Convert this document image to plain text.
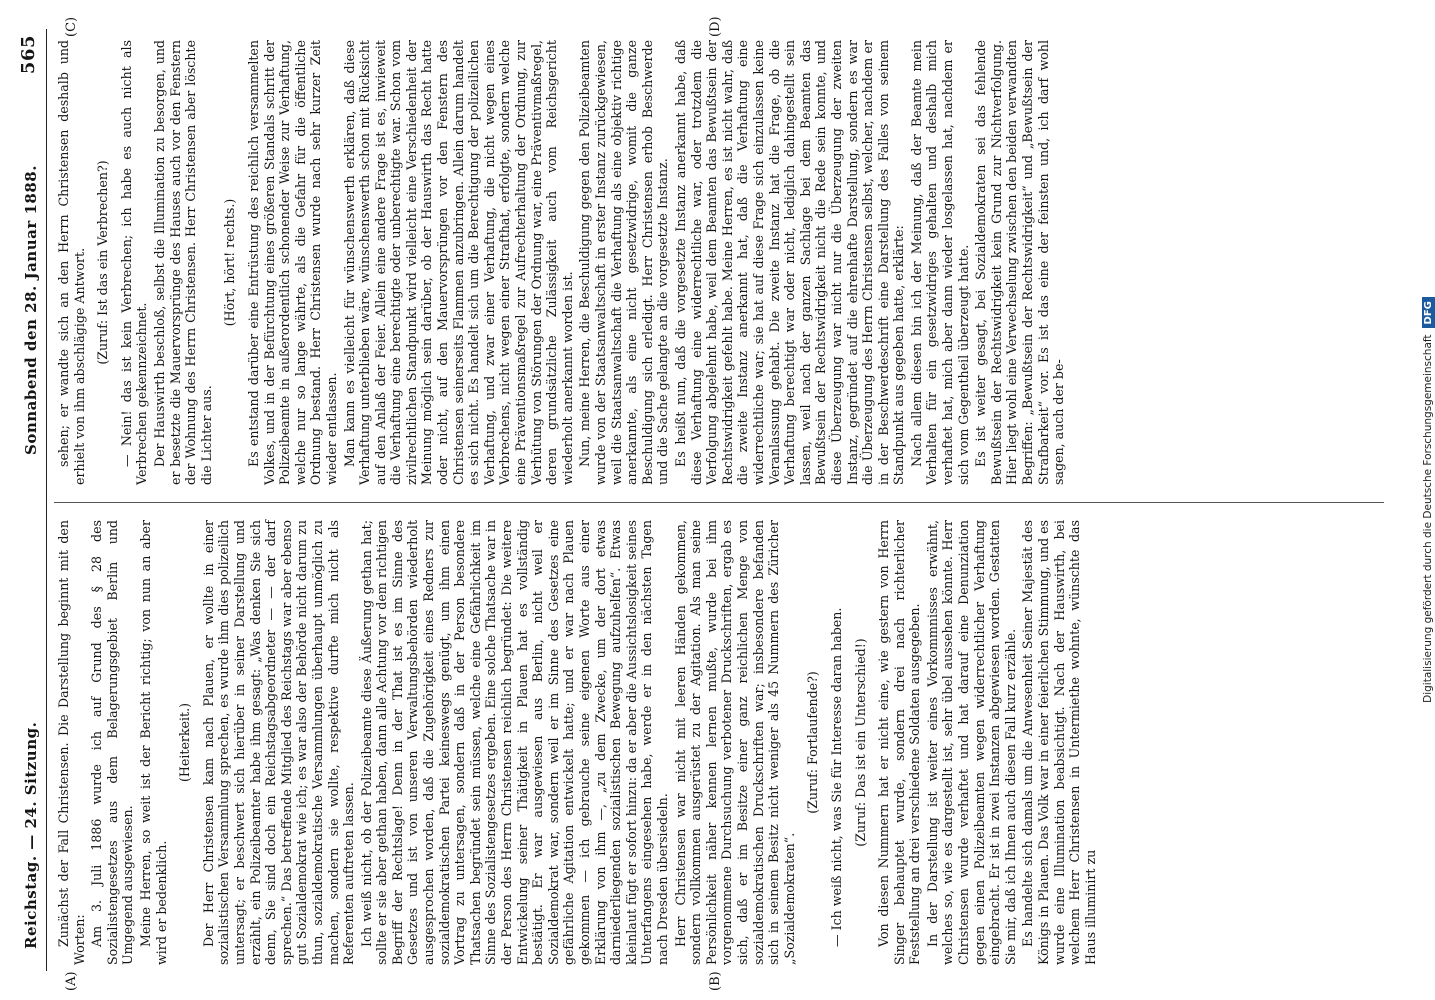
Reichstag. — 24. Sitzung.
Sonnabend den 28. Januar 1888.
565
(A)	(B)
(C)	(D)

Zunächst der Fall Christensen. Die Darstellung beginnt mit den Worten: Am 3. Juli 1886 wurde ich auf Grund des § 28 des Sozialistengesetzes aus dem Belagerungsgebiet Berlin und Umgegend ausgewiesen. Meine Herren, so weit ist der Bericht richtig; von nun an aber wird er bedenklich.

(Heiterkeit.) Der Herr Christensen kam nach Plauen, er wollte in einer sozialistischen Versammlung sprechen, es wurde ihm dies polizeilich untersagt; er beschwert sich hierüber in seiner Darstellung und erzählt, ein Polizeibeamter habe ihm gesagt: „Was denken Sie sich denn, Sie sind doch ein Reichstagsabgeordneter — — der darf sprechen.“ Das betreffende Mitglied des Reichstags war aber ebenso gut Sozialdemokrat wie ich; es war also der Behörde nicht darum zu thun, sozialdemokratische Versammlungen überhaupt unmöglich zu machen, sondern sie wollte, respektive durfte mich nicht als Referenten auftreten lassen. Ich weiß nicht, ob der Polizeibeamte diese Äußerung gethan hat; sollte er sie aber gethan haben, dann alle Achtung vor dem richtigen Begriff der Rechtslage! Denn in der That ist es im Sinne des Gesetzes und ist von unseren Verwaltungsbehörden wiederholt ausgesprochen worden, daß die Zugehörigkeit eines Redners zur sozialdemokratischen Partei keineswegs genügt, um ihm einen Vortrag zu untersagen, sondern daß in der Person besondere Thatsachen begründet sein müssen, welche eine Gefährlichkeit im Sinne des Sozialistengesetzes ergeben. Eine solche Thatsache war in der Person des Herrn Christensen reichlich begründet: Die weitere Entwickelung seiner Thätigkeit in Plauen hat es vollständig bestätigt. Er war ausgewiesen aus Berlin, nicht weil er Sozialdemokrat war, sondern weil er im Sinne des Gesetzes eine gefährliche Agitation entwickelt hatte; und er war nach Plauen gekommen — ich gebrauche seine eigenen Worte aus einer Erklärung von ihm —, „zu dem Zwecke, um der dort etwas darniederliegenden sozialistischen Bewegung aufzuhelfen“. Etwas kleinlaut fügt er sofort hinzu: da er aber die Aussichtslosigkeit seines Unterfangens eingesehen habe, werde er in den nächsten Tagen nach Dresden übersiedeln. Herr Christensen war nicht mit leeren Händen gekommen, sondern vollkommen ausgerüstet zu der Agitation. Als man seine Persönlichkeit näher kennen lernen mußte, wurde bei ihm vorgenommene Durchsuchung verbotener Druckschriften, ergab es sich, daß er im Besitze einer ganz reichlichen Menge von sozialdemokratischen Druckschriften war; insbesondere befanden sich in seinem Besitz nicht weniger als 45 Nummern des Züricher „Sozialdemokraten“.

(Zuruf: Fortlaufende?) — Ich weiß nicht, was Sie für Interesse daran haben. (Zuruf: Das ist ein Unterschied!) Von diesen Nummern hat er nicht eine, wie gestern von Herrn Singer behauptet wurde, sondern drei nach richterlicher Feststellung an drei verschiedene Soldaten ausgegeben. In der Darstellung ist weiter eines Vorkommnisses erwähnt, welches so, wie es dargestellt ist, sehr übel aussehen könnte. Herr Christensen wurde verhaftet und hat darauf eine Denunziation gegen einen Polizeibeamten wegen widerrechtlicher Verhaftung eingebracht. Er ist in zwei Instanzen abgewiesen worden. Gestatten Sie mir, daß ich Ihnen auch diesen Fall kurz erzähle. Es handelte sich damals um die Anwesenheit Seiner Majestät des Königs in Plauen. Das Volk war in einer feierlichen Stimmung, und es wurde eine Illumination beabsichtigt. Nach der Hauswirth, bei welchem Herr Christensen in Untermiethe wohnte, wünschte das Haus illuminirt zu

sehen; er wandte sich an den Herrn Christensen deshalb und erhielt von ihm abschlägige Antwort. (Zuruf: Ist das ein Verbrechen?) — Nein! das ist kein Verbrechen; ich habe es auch nicht als Verbrechen gekennzeichnet. Der Hauswirth beschloß, selbst die Illumination zu besorgen, und er besetzte die Mauervorsprünge des Hauses auch vor den Fenstern der Wohnung des Herrn Christensen. Herr Christensen aber löschte die Lichter aus.

(Hört, hört! rechts.) Es entstand darüber eine Entrüstung des reichlich versammelten Volkes, und in der Befürchtung eines größeren Standals schritt der Polizeibeamte in außerordentlich schonender Weise zur Verhaftung, welche nur so lange währte, als die Gefahr für die öffentliche Ordnung bestand. Herr Christensen wurde nach sehr kurzer Zeit wieder entlassen. Man kann es vielleicht für wünschenswerth erklären, daß diese Verhaftung unterblieben wäre, wünschenswerth schon mit Rücksicht auf den Anlaß der Feier. Allein eine andere Frage ist es, inwieweit die Verhaftung eine berechtigte oder unberechtigte war. Schon vom zivilrechtlichen Standpunkt wird vielleicht eine Verschiedenheit der Meinung möglich sein darüber, ob der Hauswirth das Recht hatte oder nicht, auf den Mauervorsprüngen vor den Fenstern des Christensen seinerseits Flammen anzubringen. Allein darum handelt es sich nicht. Es handelt sich um die Berechtigung der polizeilichen Verhaftung, und zwar einer Verhaftung, die nicht wegen eines Verbrechens, nicht wegen einer Strafthat, erfolgte, sondern welche eine Präventionsmaßregel zur Aufrechterhaltung der Ordnung, zur Verhütung von Störungen der Ordnung war, eine Präventivmaßregel, deren grundsätzliche Zulässigkeit auch vom Reichsgericht wiederholt anerkannt worden ist. Nun, meine Herren, die Beschuldigung gegen den Polizeibeamten wurde von der Staatsanwaltschaft in erster Instanz zurückgewiesen, weil die Staatsanwaltschaft die Verhaftung als eine objektiv richtige anerkannte, als eine nicht gesetzwidrige, womit die ganze Beschuldigung sich erledigt. Herr Christensen erhob Beschwerde und die Sache gelangte an die vorgesetzte Instanz. Es heißt nun, daß die vorgesetzte Instanz anerkannt habe, daß diese Verhaftung eine widerrechtliche war, oder trotzdem die Verfolgung abgelehnt habe, weil dem Beamten das Bewußtsein der Rechtswidrigkeit gefehlt habe. Meine Herren, es ist nicht wahr, daß die zweite Instanz anerkannt hat, daß die Verhaftung eine widerrechtliche war; sie hat auf diese Frage sich einzulassen keine Veranlassung gehabt. Die zweite Instanz hat die Frage, ob die Verhaftung berechtigt war oder nicht, lediglich dahingestellt sein lassen, weil nach der ganzen Sachlage bei dem Beamten das Bewußtsein der Rechtswidrigkeit nicht die Rede sein konnte, und diese Überzeugung war nicht nur die Überzeugung der zweiten Instanz, gegründet auf die ehrenhafte Darstellung, sondern es war die Überzeugung des Herrn Christensen selbst, welcher, nachdem er in der Beschwerdeschrift eine Darstellung des Falles von seinem Standpunkt aus gegeben hatte, erklärte: Nach allem diesen bin ich der Meinung, daß der Beamte mein Verhalten für ein gesetzwidriges gehalten und deshalb mich verhaftet hat, mich aber dann wieder losgelassen hat, nachdem er sich vom Gegentheil überzeugt hatte. Es ist weiter gesagt, bei Sozialdemokraten sei das fehlende Bewußtsein der Rechtswidrigkeit kein Grund zur Nichtverfolgung. Hier liegt wohl eine Verwechselung zwischen den beiden verwandten Begriffen: „Bewußtsein der Rechtswidrigkeit“ und „Bewußtsein der Strafbarkeit“ vor. Es ist das eine der feinsten und, ich darf wohl sagen, auch der be-	Digitalisierung gefördert durch die Deutsche ForschungsgemeinschaftDFG
